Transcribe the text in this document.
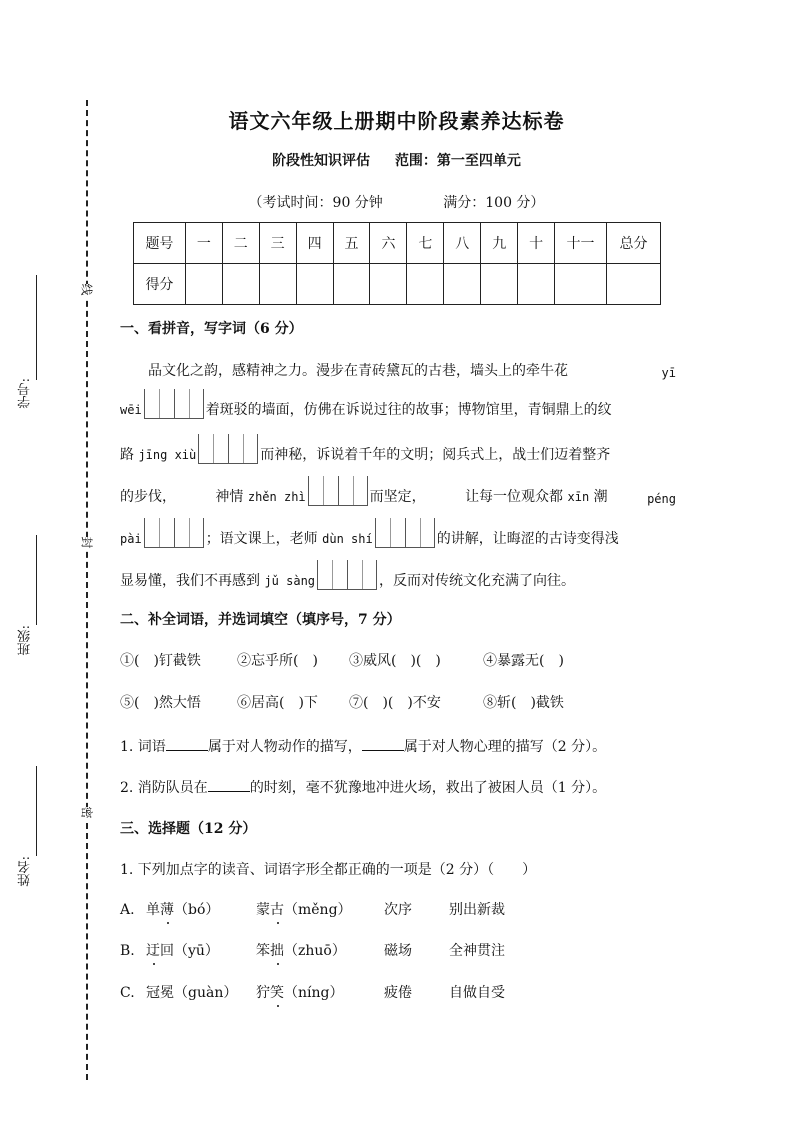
线
封
密
学号:
班级:
姓名:
语文六年级上册期中阶段素养达标卷
阶段性知识评估 范围：第一至四单元
（考试时间：90 分钟	满分：100 分）
题号	一	二	三	四	五	六	七	八	九	十	十一	总分
得分												
一、看拼音，写字词（6 分）
品文化之韵，感精神之力。漫步在青砖黛瓦的古巷，墙头上的牵牛花	yī
wēi	着斑驳的墙面，仿佛在诉说过往的故事；博物馆里，青铜鼎上的纹
路 jīng xiù	而神秘，诉说着千年的文明；阅兵式上，战士们迈着整齐
的步伐，	神情 zhěn zhì	而坚定，	让每一位观众都 xīn 潮	péng
pài	；语文课上，老师 dùn shí	的讲解，让晦涩的古诗变得浅
显易懂，我们不再感到 jǔ sàng	，反而对传统文化充满了向往。
二、补全词语，并选词填空（填序号，7 分）
①(　)钉截铁	②忘乎所(　) ③威风(　)(　)	④暴露无(　)
⑤(　)然大悟	⑥居高(　)下 ⑦(　)(　)不安	⑧斩(　)截铁
1. 词语	属于对人物动作的描写，	属于对人物心理的描写（2 分）。
2. 消防队员在	的时刻，毫不犹豫地冲进火场，救出了被困人员（1 分）。
三、选择题（12 分）
1. 下列加点字的读音、词语字形全都正确的一项是（2 分）（　　）
A. 单薄（bó）	蒙古（měng） 次序	别出新裁
B. 迂回（yū）	笨拙（zhuō）	磁场	全神贯注
C. 冠冕（guàn） 狞笑（níng）	疲倦	自做自受
